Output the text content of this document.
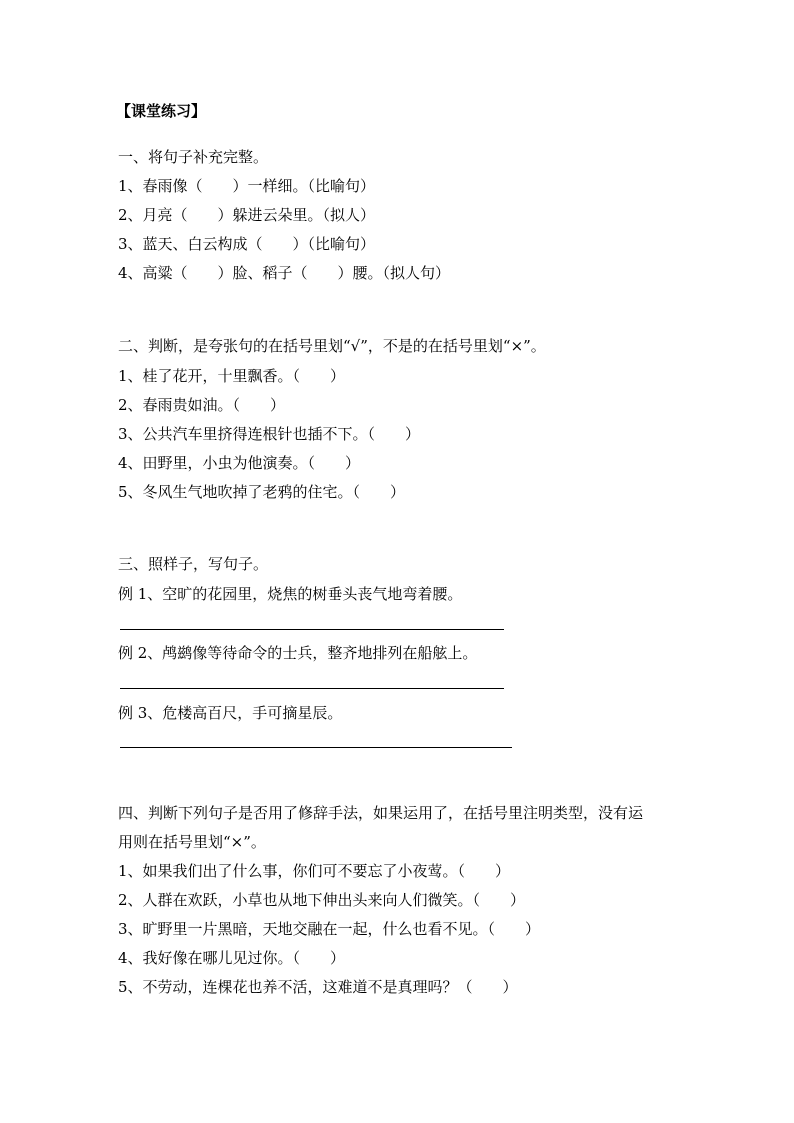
【课堂练习】

一、将句子补充完整。

1、春雨像（　　）一样细。（比喻句）

2、月亮（　　）躲进云朵里。（拟人）

3、蓝天、白云构成（　　）（比喻句）

4、高粱（　　）脸、稻子（　　）腰。（拟人句）

二、判断，是夸张句的在括号里划“√”，不是的在括号里划“×”。

1、桂了花开，十里飘香。（　　）

2、春雨贵如油。（　　）

3、公共汽车里挤得连根针也插不下。（　　）

4、田野里，小虫为他演奏。（　　）

5、冬风生气地吹掉了老鸦的住宅。（　　）

三、照样子，写句子。

例 1、空旷的花园里，烧焦的树垂头丧气地弯着腰。

例 2、鸬鹚像等待命令的士兵，整齐地排列在船舷上。

例 3、危楼高百尺，手可摘星辰。

四、判断下列句子是否用了修辞手法，如果运用了，在括号里注明类型，没有运

用则在括号里划“×”。

1、如果我们出了什么事，你们可不要忘了小夜莺。（　　）

2、人群在欢跃，小草也从地下伸出头来向人们微笑。（　　）

3、旷野里一片黑暗，天地交融在一起，什么也看不见。（　　）

4、我好像在哪儿见过你。（　　）

5、不劳动，连棵花也养不活，这难道不是真理吗？（　　）
